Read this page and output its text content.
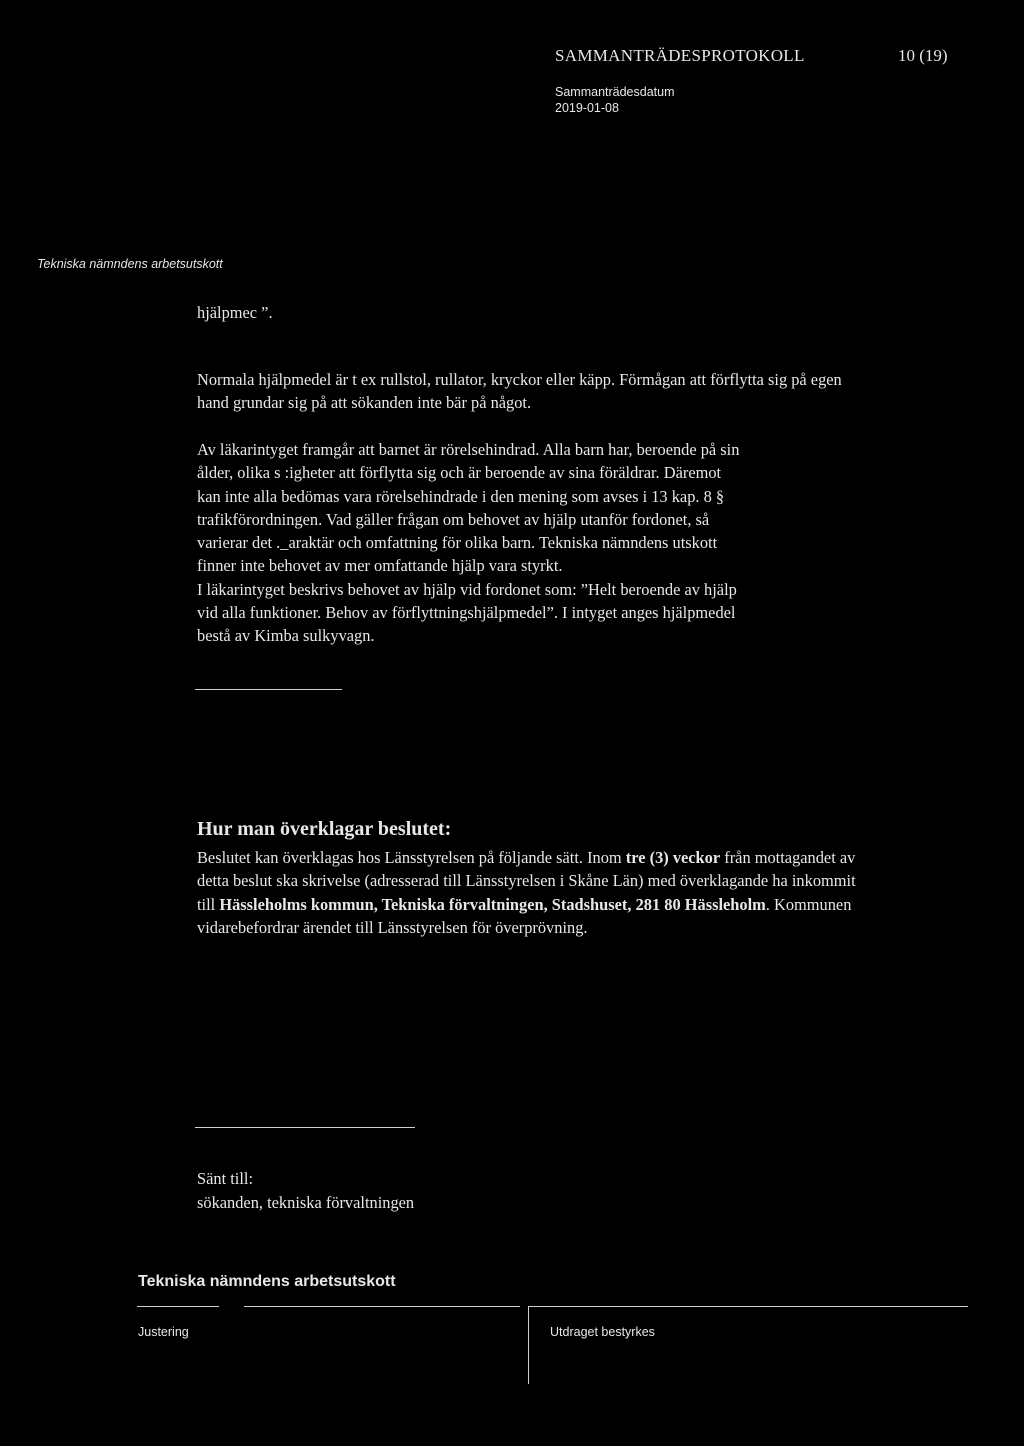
SAMMANTRÄDESPROTOKOLL	10 (19)
Sammanträdesdatum
2019-01-08
Tekniska nämndens arbetsutskott
hjälpmec ”.

Normala hjälpmedel är t ex rullstol, rullator, kryckor eller käpp. Förmågan att förflytta sig på egen hand grundar sig på att sökanden inte bär på något.

Av läkarintyget framgår att barnet är rörelsehindrad. Alla barn har, beroende på sin

ålder, olika s :igheter att förflytta sig och är beroende av sina föräldrar. Däremot

kan inte alla bedömas vara rörelsehindrade i den mening som avses i 13 kap. 8 §

trafikförordningen. Vad gäller frågan om behovet av hjälp utanför fordonet, så

varierar det ._araktär och omfattning för olika barn. Tekniska nämndens utskott

finner inte behovet av mer omfattande hjälp vara styrkt.

I läkarintyget beskrivs behovet av hjälp vid fordonet som: ”Helt beroende av hjälp

vid alla funktioner. Behov av förflyttningshjälpmedel”. I intyget anges hjälpmedel

bestå av Kimba sulkyvagn.

Hur man överklagar beslutet:
Beslutet kan överklagas hos Länsstyrelsen på följande sätt. Inom tre (3) veckor från mottagandet av detta beslut ska skrivelse (adresserad till Länsstyrelsen i Skåne Län) med överklagande ha inkommit till Hässleholms kommun, Tekniska förvaltningen, Stadshuset, 281 80 Hässleholm. Kommunen vidarebefordrar ärendet till Länsstyrelsen för överprövning.
Sänt till:
sökanden, tekniska förvaltningen
Tekniska nämndens arbetsutskott
Justering	Utdraget bestyrkes
